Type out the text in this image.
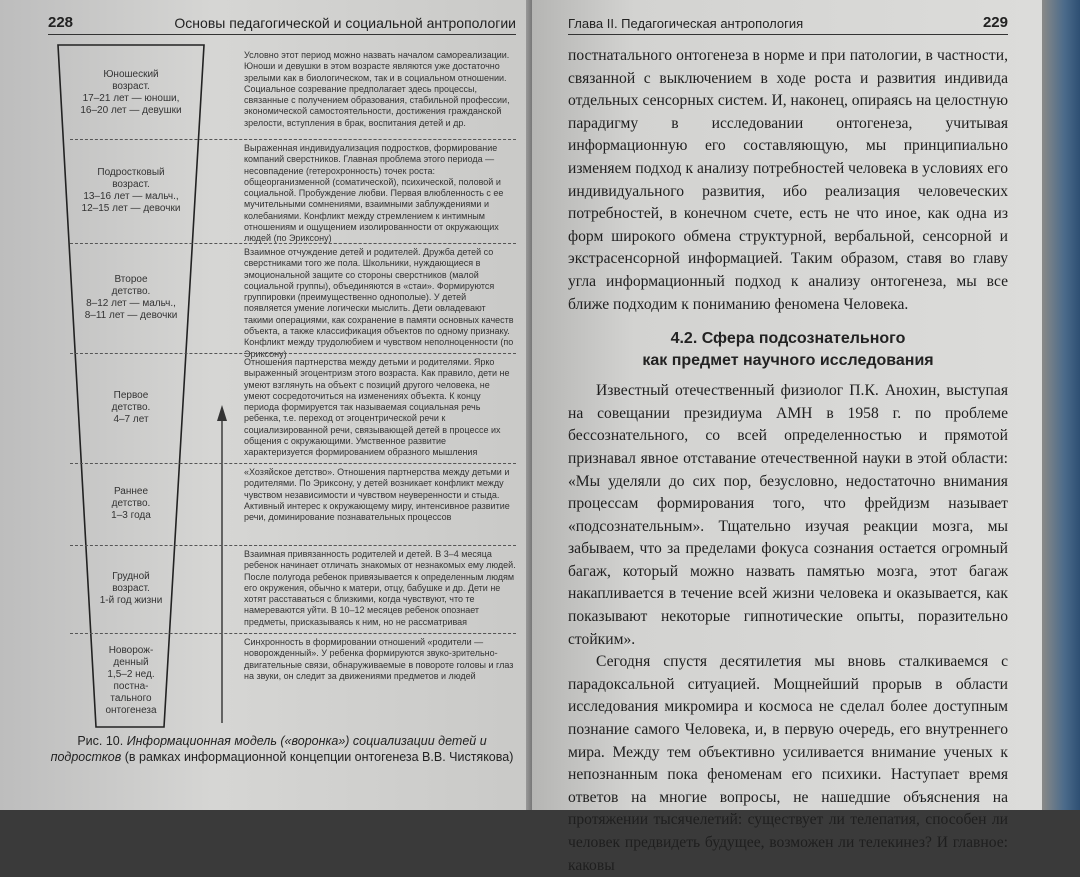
228	Основы педагогической и социальной антропологии
Юношеский
возраст.
17–21 лет — юноши,
16–20 лет — девушки
Подростковый
возраст.
13–16 лет — мальч.,
12–15 лет — девочки
Второе
детство.
8–12 лет — мальч.,
8–11 лет — девочки
Первое
детство.
4–7 лет
Раннее
детство.
1–3 года
Грудной
возраст.
1-й год жизни
Новорож-
денный
1,5–2 нед.
постна-
тального
онтогенеза
Условно этот период можно назвать началом самореализации. Юноши и девушки в этом возрасте являются уже достаточно зрелыми как в биологическом, так и в социальном отношении. Социальное созревание предполагает здесь процессы, связанные с получением образования, стабильной профессии, экономической самостоятельности, достижения гражданской зрелости, вступления в брак, воспитания детей и др.
Выраженная индивидуализация подростков, формирование компаний сверстников. Главная проблема этого периода — несовпадение (гетерохронность) точек роста: общеорганизменной (соматической), психической, половой и социальной. Пробуждение любви. Первая влюбленность с ее мучительными сомнениями, взаимными заблуждениями и колебаниями. Конфликт между стремлением к интимным отношениям и ощущением изолированности от окружающих людей (по Эриксону)
Взаимное отчуждение детей и родителей. Дружба детей со сверстниками того же пола. Школьники, нуждающиеся в эмоциональной защите со стороны сверстников (малой социальной группы), объединяются в «стаи». Формируются группировки (преимущественно однополые). У детей появляется умение логически мыслить. Дети овладевают такими операциями, как сохранение в памяти основных качеств объекта, а также классификация объектов по одному признаку. Конфликт между трудолюбием и чувством неполноценности (по Эриксону)
Отношения партнерства между детьми и родителями. Ярко выраженный эгоцентризм этого возраста. Как правило, дети не умеют взглянуть на объект с позиций другого человека, не умеют сосредоточиться на изменениях объекта. К концу периода формируется так называемая социальная речь ребенка, т.е. переход от эгоцентрической речи к социализированной речи, связывающей детей в процессе их общения с окружающими. Умственное развитие характеризуется формированием образного мышления
«Хозяйское детство». Отношения партнерства между детьми и родителями. По Эриксону, у детей возникает конфликт между чувством независимости и чувством неуверенности и стыда. Активный интерес к окружающему миру, интенсивное развитие речи, доминирование познавательных процессов
Взаимная привязанность родителей и детей. В 3–4 месяца ребенок начинает отличать знакомых от незнакомых ему людей. После полугода ребенок привязывается к определенным людям его окружения, обычно к матери, отцу, бабушке и др. Дети не хотят расставаться с близкими, когда чувствуют, что те намереваются уйти. В 10–12 месяцев ребенок опознает предметы, присказываясь к ним, но не рассматривая
Синхронность в формировании отношений «родители — новорожденный». У ребенка формируются звуко-зрительно-двигательные связи, обнаруживаемые в повороте головы и глаз на звуки, он следит за движениями предметов и людей
Рис. 10. Информационная модель («воронка») социализации детей и подростков (в рамках информационной концепции онтогенеза В.В. Чистякова)
Глава II. Педагогическая антропология	229

постнатального онтогенеза в норме и при патологии, в частности, связанной с выключением в ходе роста и развития индивида отдельных сенсорных систем. И, наконец, опираясь на целостную парадигму в исследовании онтогенеза, учитывая информационную его составляющую, мы принципиально изменяем подход к анализу потребностей человека в условиях его индивидуального развития, ибо реализация человеческих потребностей, в конечном счете, есть не что иное, как одна из форм широкого обмена структурной, вербальной, сенсорной и экстрасенсорной информацией. Таким образом, ставя во главу угла информационный подход к анализу онтогенеза, мы все ближе подходим к пониманию феномена Человека.

4.2. Сфера подсознательного
как предмет научного исследования

Известный отечественный физиолог П.К. Анохин, выступая на совещании президиума АМН в 1958 г. по проблеме бессознательного, со всей определенностью и прямотой признавал явное отставание отечественной науки в этой области: «Мы уделяли до сих пор, безусловно, недостаточно внимания процессам формирования того, что фрейдизм называет «подсознательным». Тщательно изучая реакции мозга, мы забываем, что за пределами фокуса сознания остается огромный багаж, который можно назвать памятью мозга, этот багаж накапливается в течение всей жизни человека и оказывается, как показывают некоторые гипнотические опыты, поразительно стойким».

Сегодня спустя десятилетия мы вновь сталкиваемся с парадоксальной ситуацией. Мощнейший прорыв в области исследования микромира и космоса не сделал более доступным познание самого Человека, и, в первую очередь, его внутреннего мира. Между тем объективно усиливается внимание ученых к непознанным пока феноменам его психики. Наступает время ответов на многие вопросы, не нашедшие объяснения на протяжении тысячелетий: существует ли телепатия, способен ли человек предвидеть будущее, возможен ли телекинез? И главное: каковы
